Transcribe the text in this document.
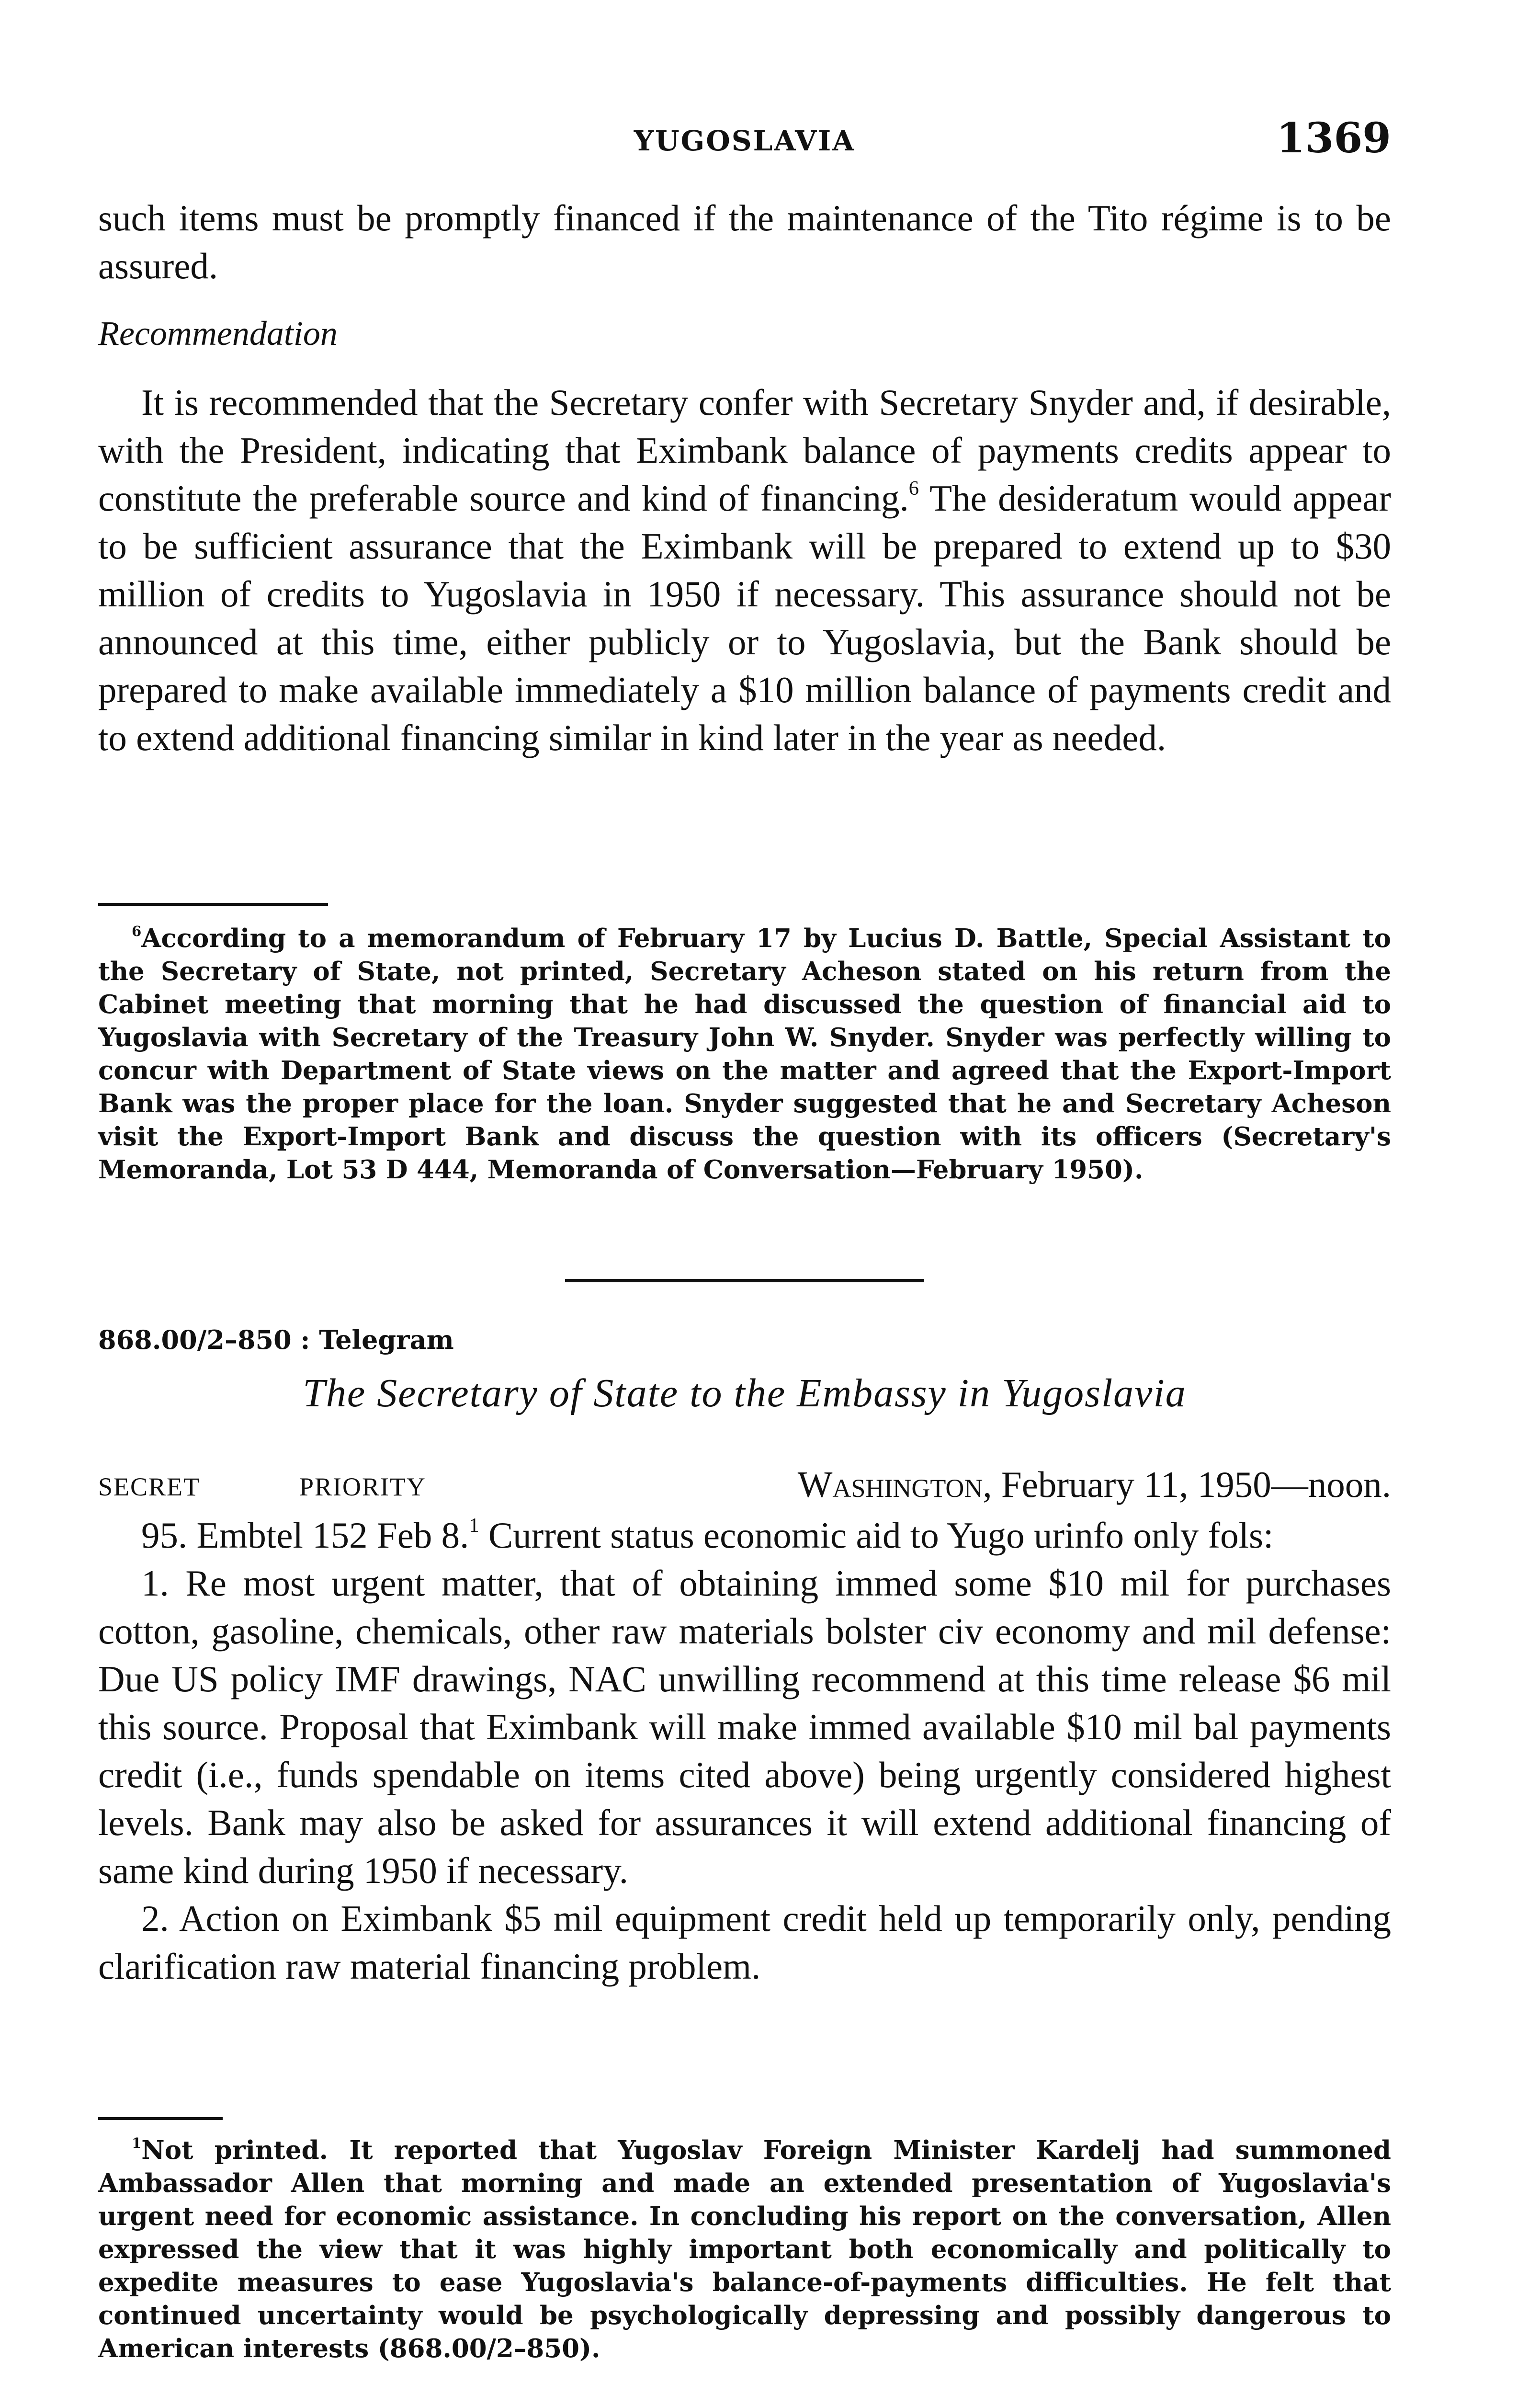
YUGOSLAVIA	1369

such items must be promptly financed if the maintenance of the Tito régime is to be assured.

Recommendation

It is recommended that the Secretary confer with Secretary Snyder and, if desirable, with the President, indicating that Eximbank balance of payments credits appear to constitute the preferable source and kind of financing.$^6$ The desideratum would appear to be sufficient assurance that the Eximbank will be prepared to extend up to $30 million of credits to Yugoslavia in 1950 if necessary. This assurance should not be announced at this time, either publicly or to Yugoslavia, but the Bank should be prepared to make available immediately a $10 million balance of payments credit and to extend additional financing similar in kind later in the year as needed.

$^6$According to a memorandum of February 17 by Lucius D. Battle, Special Assistant to the Secretary of State, not printed, Secretary Acheson stated on his return from the Cabinet meeting that morning that he had discussed the question of financial aid to Yugoslavia with Secretary of the Treasury John W. Snyder. Snyder was perfectly willing to concur with Department of State views on the matter and agreed that the Export-Import Bank was the proper place for the loan. Snyder suggested that he and Secretary Acheson visit the Export-Import Bank and discuss the question with its officers (Secretary's Memoranda, Lot 53 D 444, Memoranda of Conversation—February 1950).

868.00/2–850 : Telegram
The Secretary of State to the Embassy in Yugoslavia
SECRET	PRIORITY	Washington, February 11, 1950—noon.

95. Embtel 152 Feb 8.$^1$ Current status economic aid to Yugo urinfo only fols:

1. Re most urgent matter, that of obtaining immed some $10 mil for purchases cotton, gasoline, chemicals, other raw materials bolster civ economy and mil defense: Due US policy IMF drawings, NAC unwilling recommend at this time release $6 mil this source. Proposal that Eximbank will make immed available $10 mil bal payments credit (i.e., funds spendable on items cited above) being urgently considered highest levels. Bank may also be asked for assurances it will extend additional financing of same kind during 1950 if necessary.

2. Action on Eximbank $5 mil equipment credit held up temporarily only, pending clarification raw material financing problem.

$^1$Not printed. It reported that Yugoslav Foreign Minister Kardelj had summoned Ambassador Allen that morning and made an extended presentation of Yugoslavia's urgent need for economic assistance. In concluding his report on the conversation, Allen expressed the view that it was highly important both economically and politically to expedite measures to ease Yugoslavia's balance-of-payments difficulties. He felt that continued uncertainty would be psychologically depressing and possibly dangerous to American interests (868.00/2–850).
